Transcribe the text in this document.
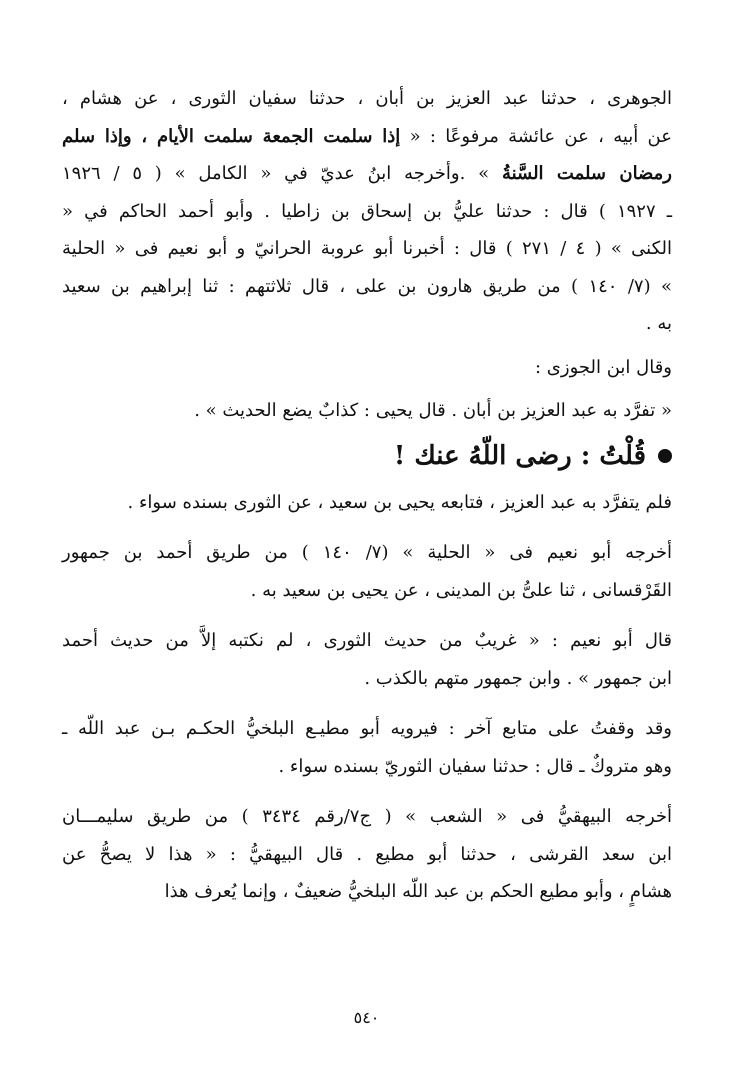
الجوهرى ، حدثنا عبد العزيز بن أبان ، حدثنا سفيان الثورى ، عن هشام ،
عن أبيه ، عن عائشة مرفوعًا : « إذا سلمت الجمعة سلمت الأيام ، وإذا سلم
رمضان سلمت السَّنةُ » .وأخرجه ابنُ عديّ في « الكامل » ( ٥ / ١٩٢٦
ـ ١٩٢٧ ) قال : حدثنا عليُّ بن إسحاق بن زاطيا . وأبو أحمد الحاكم في «
الكنى » ( ٤ / ٢٧١ ) قال : أخبرنا أبو عروبة الحرانيّ و أبو نعيم فى « الحلية
» (٧/ ١٤٠ ) من طريق هارون بن على ، قال ثلاثتهم : ثنا إبراهيم بن سعيد
به .
وقال ابن الجوزى :
« تفرَّد به عبد العزيز بن أبان . قال يحيى : كذابٌ يضع الحديث » .
قُلْتُ : رضى اللّهُ عنك !
فلم يتفرَّد به عبد العزيز ، فتابعه يحيى بن سعيد ، عن الثورى بسنده سواء .
أخرجه أبو نعيم فى « الحلية » (٧/ ١٤٠ ) من طريق أحمد بن جمهور
القَرْقسانى ، ثنا علىُّ بن المدينى ، عن يحيى بن سعيد به .
قال أبو نعيم : « غريبٌ من حديث الثورى ، لم نكتبه إلاَّ من حديث أحمد
ابن جمهور » . وابن جمهور متهم بالكذب .
وقد وقفتُ على متابع آخر : فيرويه أبو مطيـع البلخيُّ الحكـم بـن عبد اللّه ـ
وهو متروكٌ ـ قال : حدثنا سفيان الثوريّ بسنده سواء .
أخرجه البيهقيُّ فى « الشعب » ( ج٧/رقم ٣٤٣٤ ) من طريق سليمـــان
ابن سعد القرشى ، حدثنا أبو مطيع . قال البيهقيُّ : « هذا لا يصحُّ عن
هشامٍ ، وأبو مطيع الحكم بن عبد اللّه البلخيُّ ضعيفٌ ، وإنما يُعرف هذا
٥٤٠
